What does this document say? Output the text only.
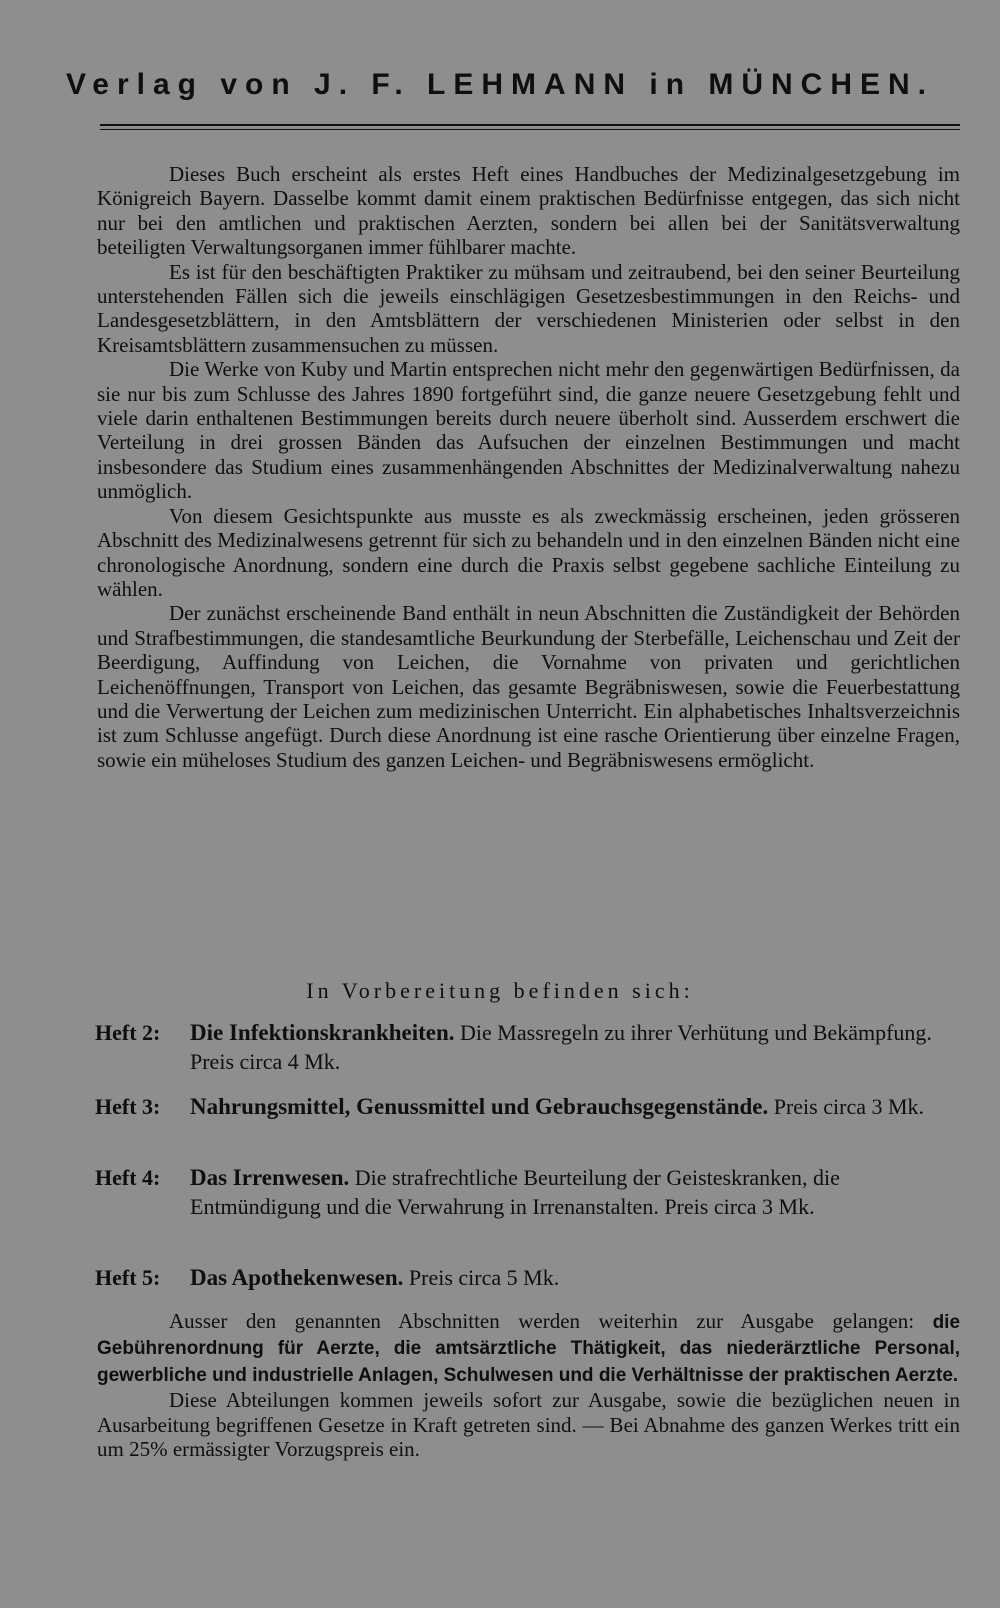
Verlag von J. F. LEHMANN in MÜNCHEN.

Dieses Buch erscheint als erstes Heft eines Handbuches der Medizinalgesetzgebung im Königreich Bayern. Dasselbe kommt damit einem praktischen Bedürfnisse entgegen, das sich nicht nur bei den amtlichen und praktischen Aerzten, sondern bei allen bei der Sanitätsverwaltung beteiligten Verwaltungsorganen immer fühlbarer machte.

Es ist für den beschäftigten Praktiker zu mühsam und zeitraubend, bei den seiner Beurteilung unterstehenden Fällen sich die jeweils einschlägigen Gesetzesbestimmungen in den Reichs- und Landesgesetzblättern, in den Amtsblättern der verschiedenen Ministerien oder selbst in den Kreisamtsblättern zusammensuchen zu müssen.

Die Werke von Kuby und Martin entsprechen nicht mehr den gegenwärtigen Bedürfnissen, da sie nur bis zum Schlusse des Jahres 1890 fortgeführt sind, die ganze neuere Gesetzgebung fehlt und viele darin enthaltenen Bestimmungen bereits durch neuere überholt sind. Ausserdem erschwert die Verteilung in drei grossen Bänden das Aufsuchen der einzelnen Bestimmungen und macht insbesondere das Studium eines zusammenhängenden Abschnittes der Medizinalverwaltung nahezu unmöglich.

Von diesem Gesichtspunkte aus musste es als zweckmässig erscheinen, jeden grösseren Abschnitt des Medizinalwesens getrennt für sich zu behandeln und in den einzelnen Bänden nicht eine chronologische Anordnung, sondern eine durch die Praxis selbst gegebene sachliche Einteilung zu wählen.

Der zunächst erscheinende Band enthält in neun Abschnitten die Zuständigkeit der Behörden und Strafbestimmungen, die standesamtliche Beurkundung der Sterbefälle, Leichenschau und Zeit der Beerdigung, Auffindung von Leichen, die Vornahme von privaten und gerichtlichen Leichenöffnungen, Transport von Leichen, das gesamte Begräbniswesen, sowie die Feuerbestattung und die Verwertung der Leichen zum medizinischen Unterricht. Ein alphabetisches Inhaltsverzeichnis ist zum Schlusse angefügt. Durch diese Anordnung ist eine rasche Orientierung über einzelne Fragen, sowie ein müheloses Studium des ganzen Leichen- und Begräbniswesens ermöglicht.

In Vorbereitung befinden sich:
Heft 2:	Die Infektionskrankheiten. Die Massregeln zu ihrer Verhütung und Bekämpfung. Preis circa 4 Mk.
Heft 3:	Nahrungsmittel, Genussmittel und Gebrauchsgegenstände. Preis circa 3 Mk.
Heft 4:	Das Irrenwesen. Die strafrechtliche Beurteilung der Geisteskranken, die Entmündigung und die Verwahrung in Irrenanstalten. Preis circa 3 Mk.
Heft 5:	Das Apothekenwesen. Preis circa 5 Mk.

Ausser den genannten Abschnitten werden weiterhin zur Ausgabe gelangen: die Gebührenordnung für Aerzte, die amtsärztliche Thätigkeit, das niederärztliche Personal, gewerbliche und industrielle Anlagen, Schulwesen und die Verhältnisse der praktischen Aerzte.

Diese Abteilungen kommen jeweils sofort zur Ausgabe, sowie die bezüglichen neuen in Ausarbeitung begriffenen Gesetze in Kraft getreten sind. — Bei Abnahme des ganzen Werkes tritt ein um 25% ermässigter Vorzugspreis ein.
